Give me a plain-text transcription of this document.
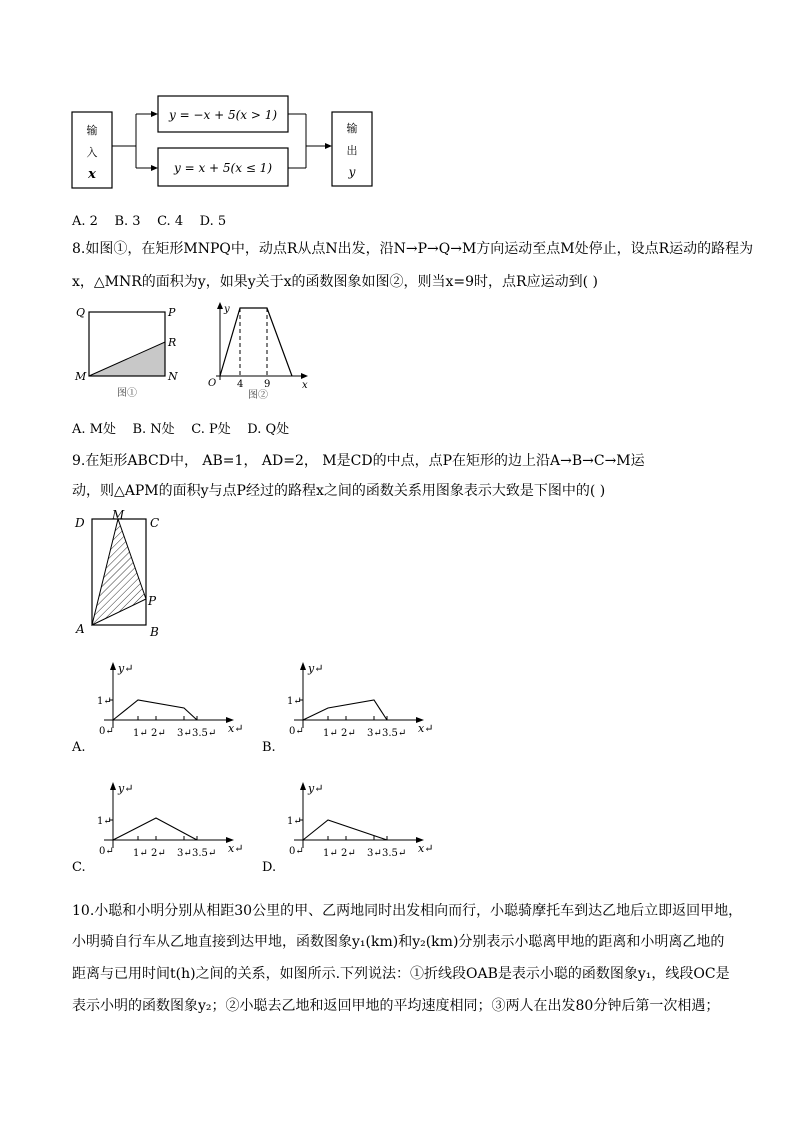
输
入
x
y = −x + 5(x > 1)
y = x + 5(x ≤ 1)
输
出
y
A. 2    B. 3    C. 4    D. 5
8.如图①，在矩形MNPQ中，动点R从点N出发，沿N→P→Q→M方向运动至点M处停止，设点R运动的路程为
x，△MNR的面积为y，如果y关于x的函数图象如图②，则当x=9时，点R应运动到( )
Q	P
R
M	N
图①
y
x
O 4 9
图②
A. M处    B. N处    C. P处    D. Q处
9.在矩形ABCD中， AB=1， AD=2， M是CD的中点，点P在矩形的边上沿A→B→C→M运
动，则△APM的面积y与点P经过的路程x之间的函数关系用图象表示大致是下图中的( )
D
M
C
P
A	B
A.
y↵
x↵
1↵
0↵ 1↵ 2↵ 3↵ 3.5↵
B.
y↵
x↵
1↵
0↵ 1↵ 2↵ 3↵ 3.5↵
C.
y↵
x↵
1↵
0↵ 1↵ 2↵ 3↵ 3.5↵
D.
y↵
x↵
1↵
0↵ 1↵ 2↵ 3↵ 3.5↵
10.小聪和小明分别从相距30公里的甲、乙两地同时出发相向而行，小聪骑摩托车到达乙地后立即返回甲地，
小明骑自行车从乙地直接到达甲地，函数图象y₁(km)和y₂(km)分别表示小聪离甲地的距离和小明离乙地的
距离与已用时间t(h)之间的关系，如图所示.下列说法：①折线段OAB是表示小聪的函数图象y₁，线段OC是
表示小明的函数图象y₂；②小聪去乙地和返回甲地的平均速度相同；③两人在出发80分钟后第一次相遇；
